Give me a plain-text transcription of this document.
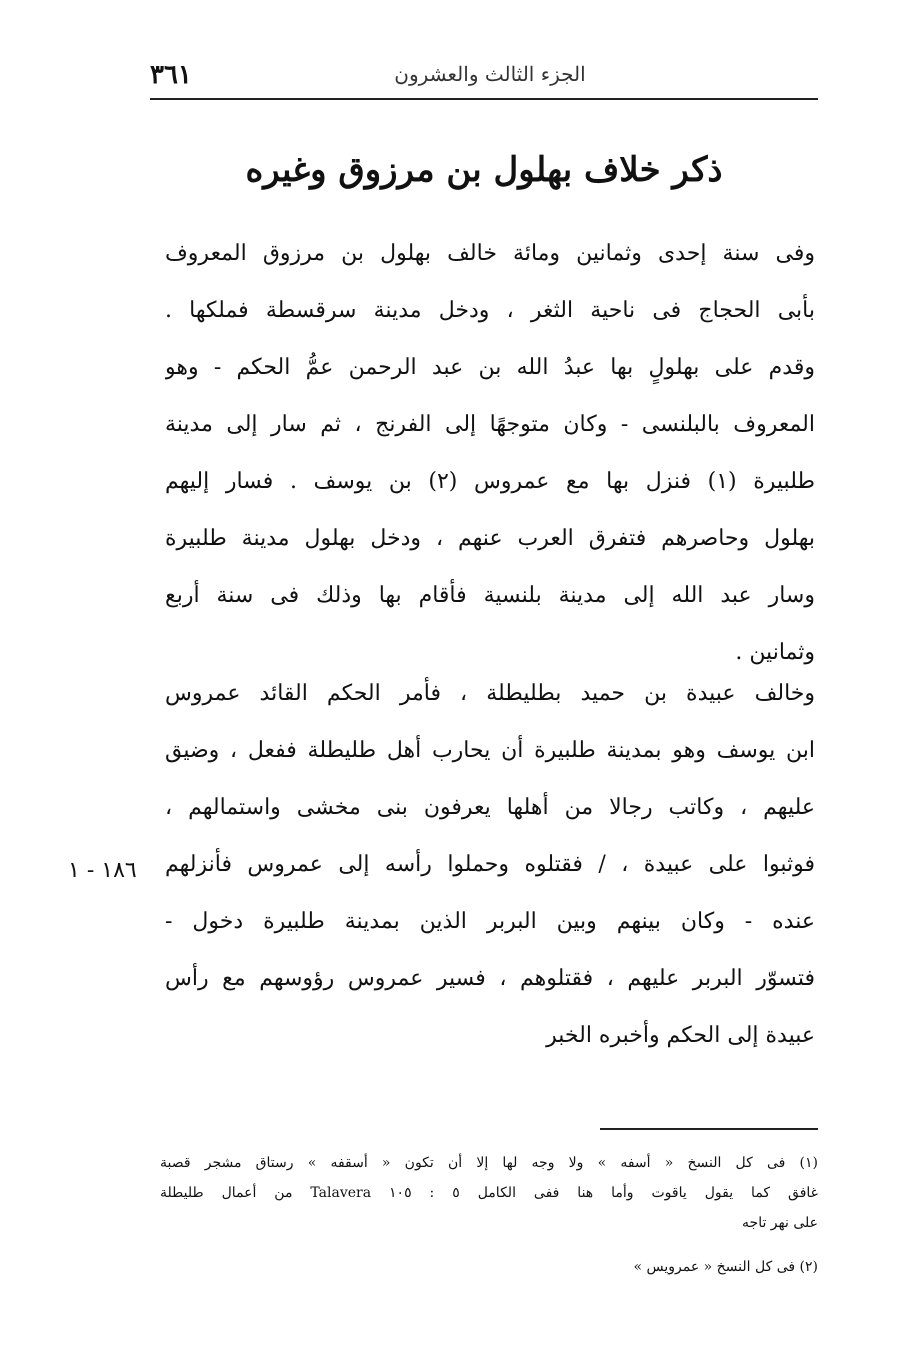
٣٦١	الجزء الثالث والعشرون
ذكر خلاف بهلول بن مرزوق وغيره
وفى سنة إحدى وثمانين ومائة خالف بهلول بن مرزوق المعروف
بأبى الحجاج فى ناحية الثغر ، ودخل مدينة سرقسطة فملكها .
وقدم على بهلولٍ بها عبدُ الله بن عبد الرحمن عمُّ الحكم - وهو
المعروف بالبلنسى - وكان متوجهًا إلى الفرنج ، ثم سار إلى مدينة
طلبيرة (١) فنزل بها مع عمروس (٢) بن يوسف . فسار إليهم
بهلول وحاصرهم فتفرق العرب عنهم ، ودخل بهلول مدينة طلبيرة
وسار عبد الله إلى مدينة بلنسية فأقام بها وذلك فى سنة أربع
وثمانين .
وخالف عبيدة بن حميد بطليطلة ، فأمر الحكم القائد عمروس
ابن يوسف وهو بمدينة طلبيرة أن يحارب أهل طليطلة ففعل ، وضيق
عليهم ، وكاتب رجالا من أهلها يعرفون بنى مخشى واستمالهم ،
فوثبوا على عبيدة ، / فقتلوه وحملوا رأسه إلى عمروس فأنزلهم
عنده - وكان بينهم وبين البربر الذين بمدينة طلبيرة دخول -
فتسوّر البربر عليهم ، فقتلوهم ، فسير عمروس رؤوسهم مع رأس
عبيدة إلى الحكم وأخبره الخبر
١٨٦ - ١
(١) فى كل النسخ « أسفه » ولا وجه لها إلا أن تكون « أسقفه » رستاق مشجر قصبة
غافق كما يقول ياقوت وأما هنا ففى الكامل ٥ : ١٠٥ Talavera من أعمال طليطلة
على نهر تاجه
(٢) فى كل النسخ « عمرويس »
